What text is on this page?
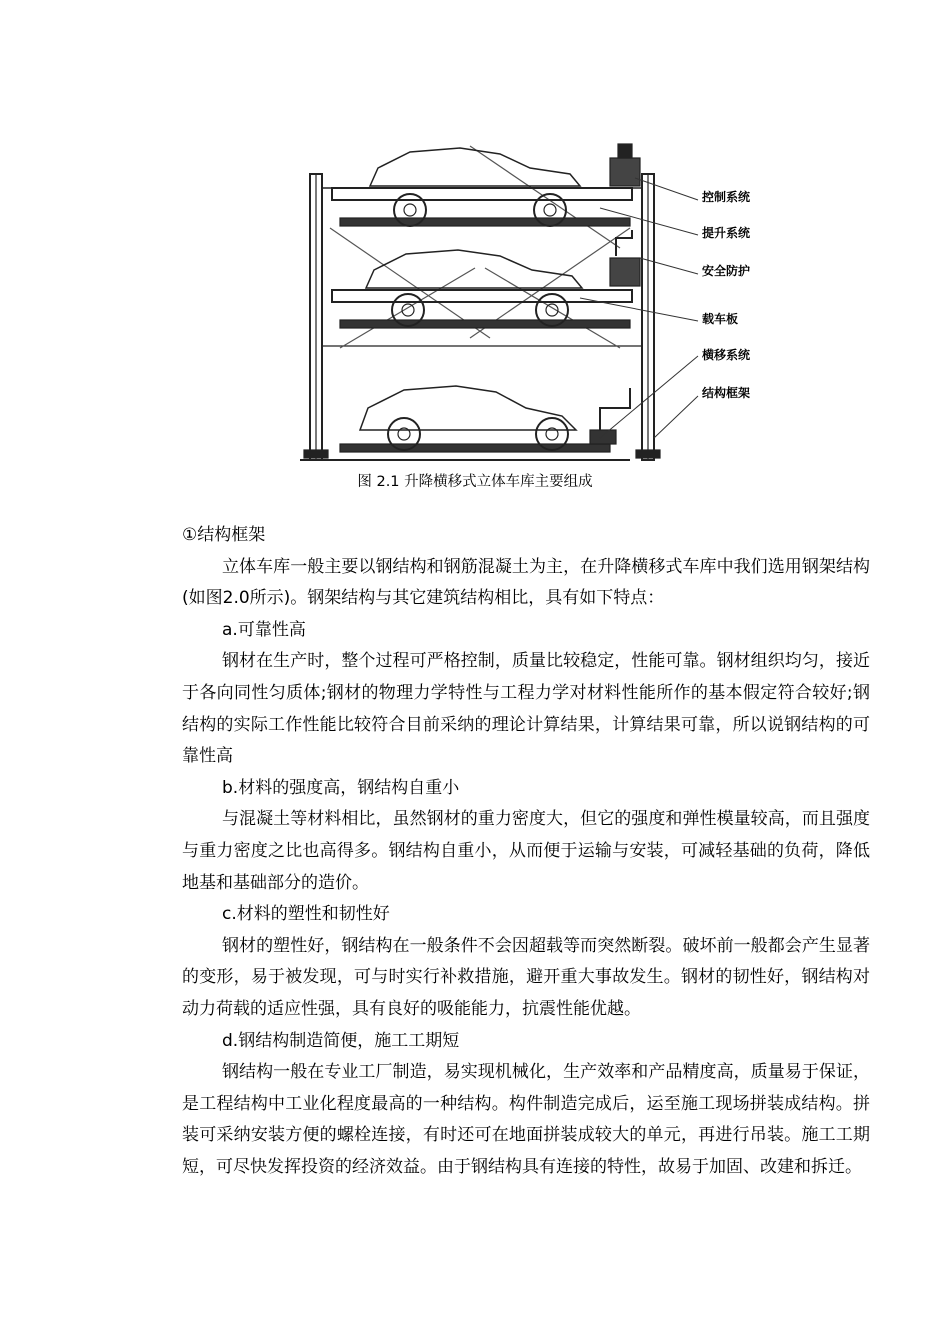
控制系统
提升系统
安全防护
载车板
横移系统
结构框架
图 2.1 升降横移式立体车库主要组成

①结构框架

立体车库一般主要以钢结构和钢筋混凝土为主，在升降横移式车库中我们选用钢架结构(如图2.0所示)。钢架结构与其它建筑结构相比，具有如下特点：

a.可靠性高

钢材在生产时，整个过程可严格控制，质量比较稳定，性能可靠。钢材组织均匀，接近于各向同性匀质体;钢材的物理力学特性与工程力学对材料性能所作的基本假定符合较好;钢结构的实际工作性能比较符合目前采纳的理论计算结果，计算结果可靠，所以说钢结构的可靠性高

b.材料的强度高，钢结构自重小

与混凝土等材料相比，虽然钢材的重力密度大，但它的强度和弹性模量较高，而且强度与重力密度之比也高得多。钢结构自重小，从而便于运输与安装，可减轻基础的负荷，降低地基和基础部分的造价。

c.材料的塑性和韧性好

钢材的塑性好，钢结构在一般条件不会因超载等而突然断裂。破坏前一般都会产生显著的变形，易于被发现，可与时实行补救措施，避开重大事故发生。钢材的韧性好，钢结构对动力荷载的适应性强，具有良好的吸能能力，抗震性能优越。

d.钢结构制造简便，施工工期短

钢结构一般在专业工厂制造，易实现机械化，生产效率和产品精度高，质量易于保证，是工程结构中工业化程度最高的一种结构。构件制造完成后，运至施工现场拼装成结构。拼装可采纳安装方便的螺栓连接，有时还可在地面拼装成较大的单元，再进行吊装。施工工期短，可尽快发挥投资的经济效益。由于钢结构具有连接的特性，故易于加固、改建和拆迁。
